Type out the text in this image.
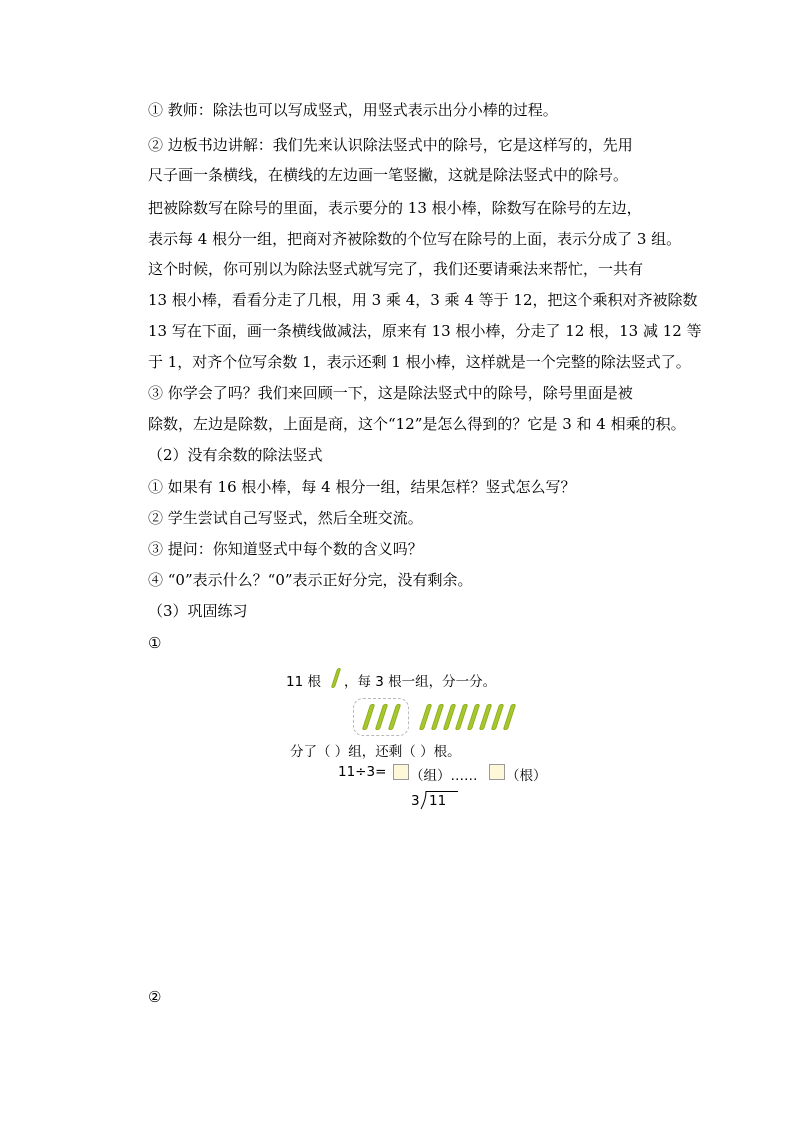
① 教师：除法也可以写成竖式，用竖式表示出分小棒的过程。
② 边板书边讲解：我们先来认识除法竖式中的除号，它是这样写的，先用
尺子画一条横线，在横线的左边画一笔竖撇，这就是除法竖式中的除号。
把被除数写在除号的里面，表示要分的 13 根小棒，除数写在除号的左边，
表示每 4 根分一组，把商对齐被除数的个位写在除号的上面，表示分成了 3 组。
这个时候，你可别以为除法竖式就写完了，我们还要请乘法来帮忙，一共有
13 根小棒，看看分走了几根，用 3 乘 4，3 乘 4 等于 12，把这个乘积对齐被除数
13 写在下面，画一条横线做减法，原来有 13 根小棒，分走了 12 根，13 减 12 等
于 1，对齐个位写余数 1，表示还剩 1 根小棒，这样就是一个完整的除法竖式了。
③ 你学会了吗？我们来回顾一下，这是除法竖式中的除号，除号里面是被
除数，左边是除数，上面是商，这个“12”是怎么得到的？它是 3 和 4 相乘的积。
（2）没有余数的除法竖式
① 如果有 16 根小棒，每 4 根分一组，结果怎样？竖式怎么写？
② 学生尝试自己写竖式，然后全班交流。
③ 提问：你知道竖式中每个数的含义吗？
④ “0”表示什么？“0”表示正好分完，没有剩余。
（3）巩固练习
①
11 根 ，每 3 根一组，分一分。
分了（ ）组，还剩（ ）根。
11÷3= （组）…… （根）
3 11
②
